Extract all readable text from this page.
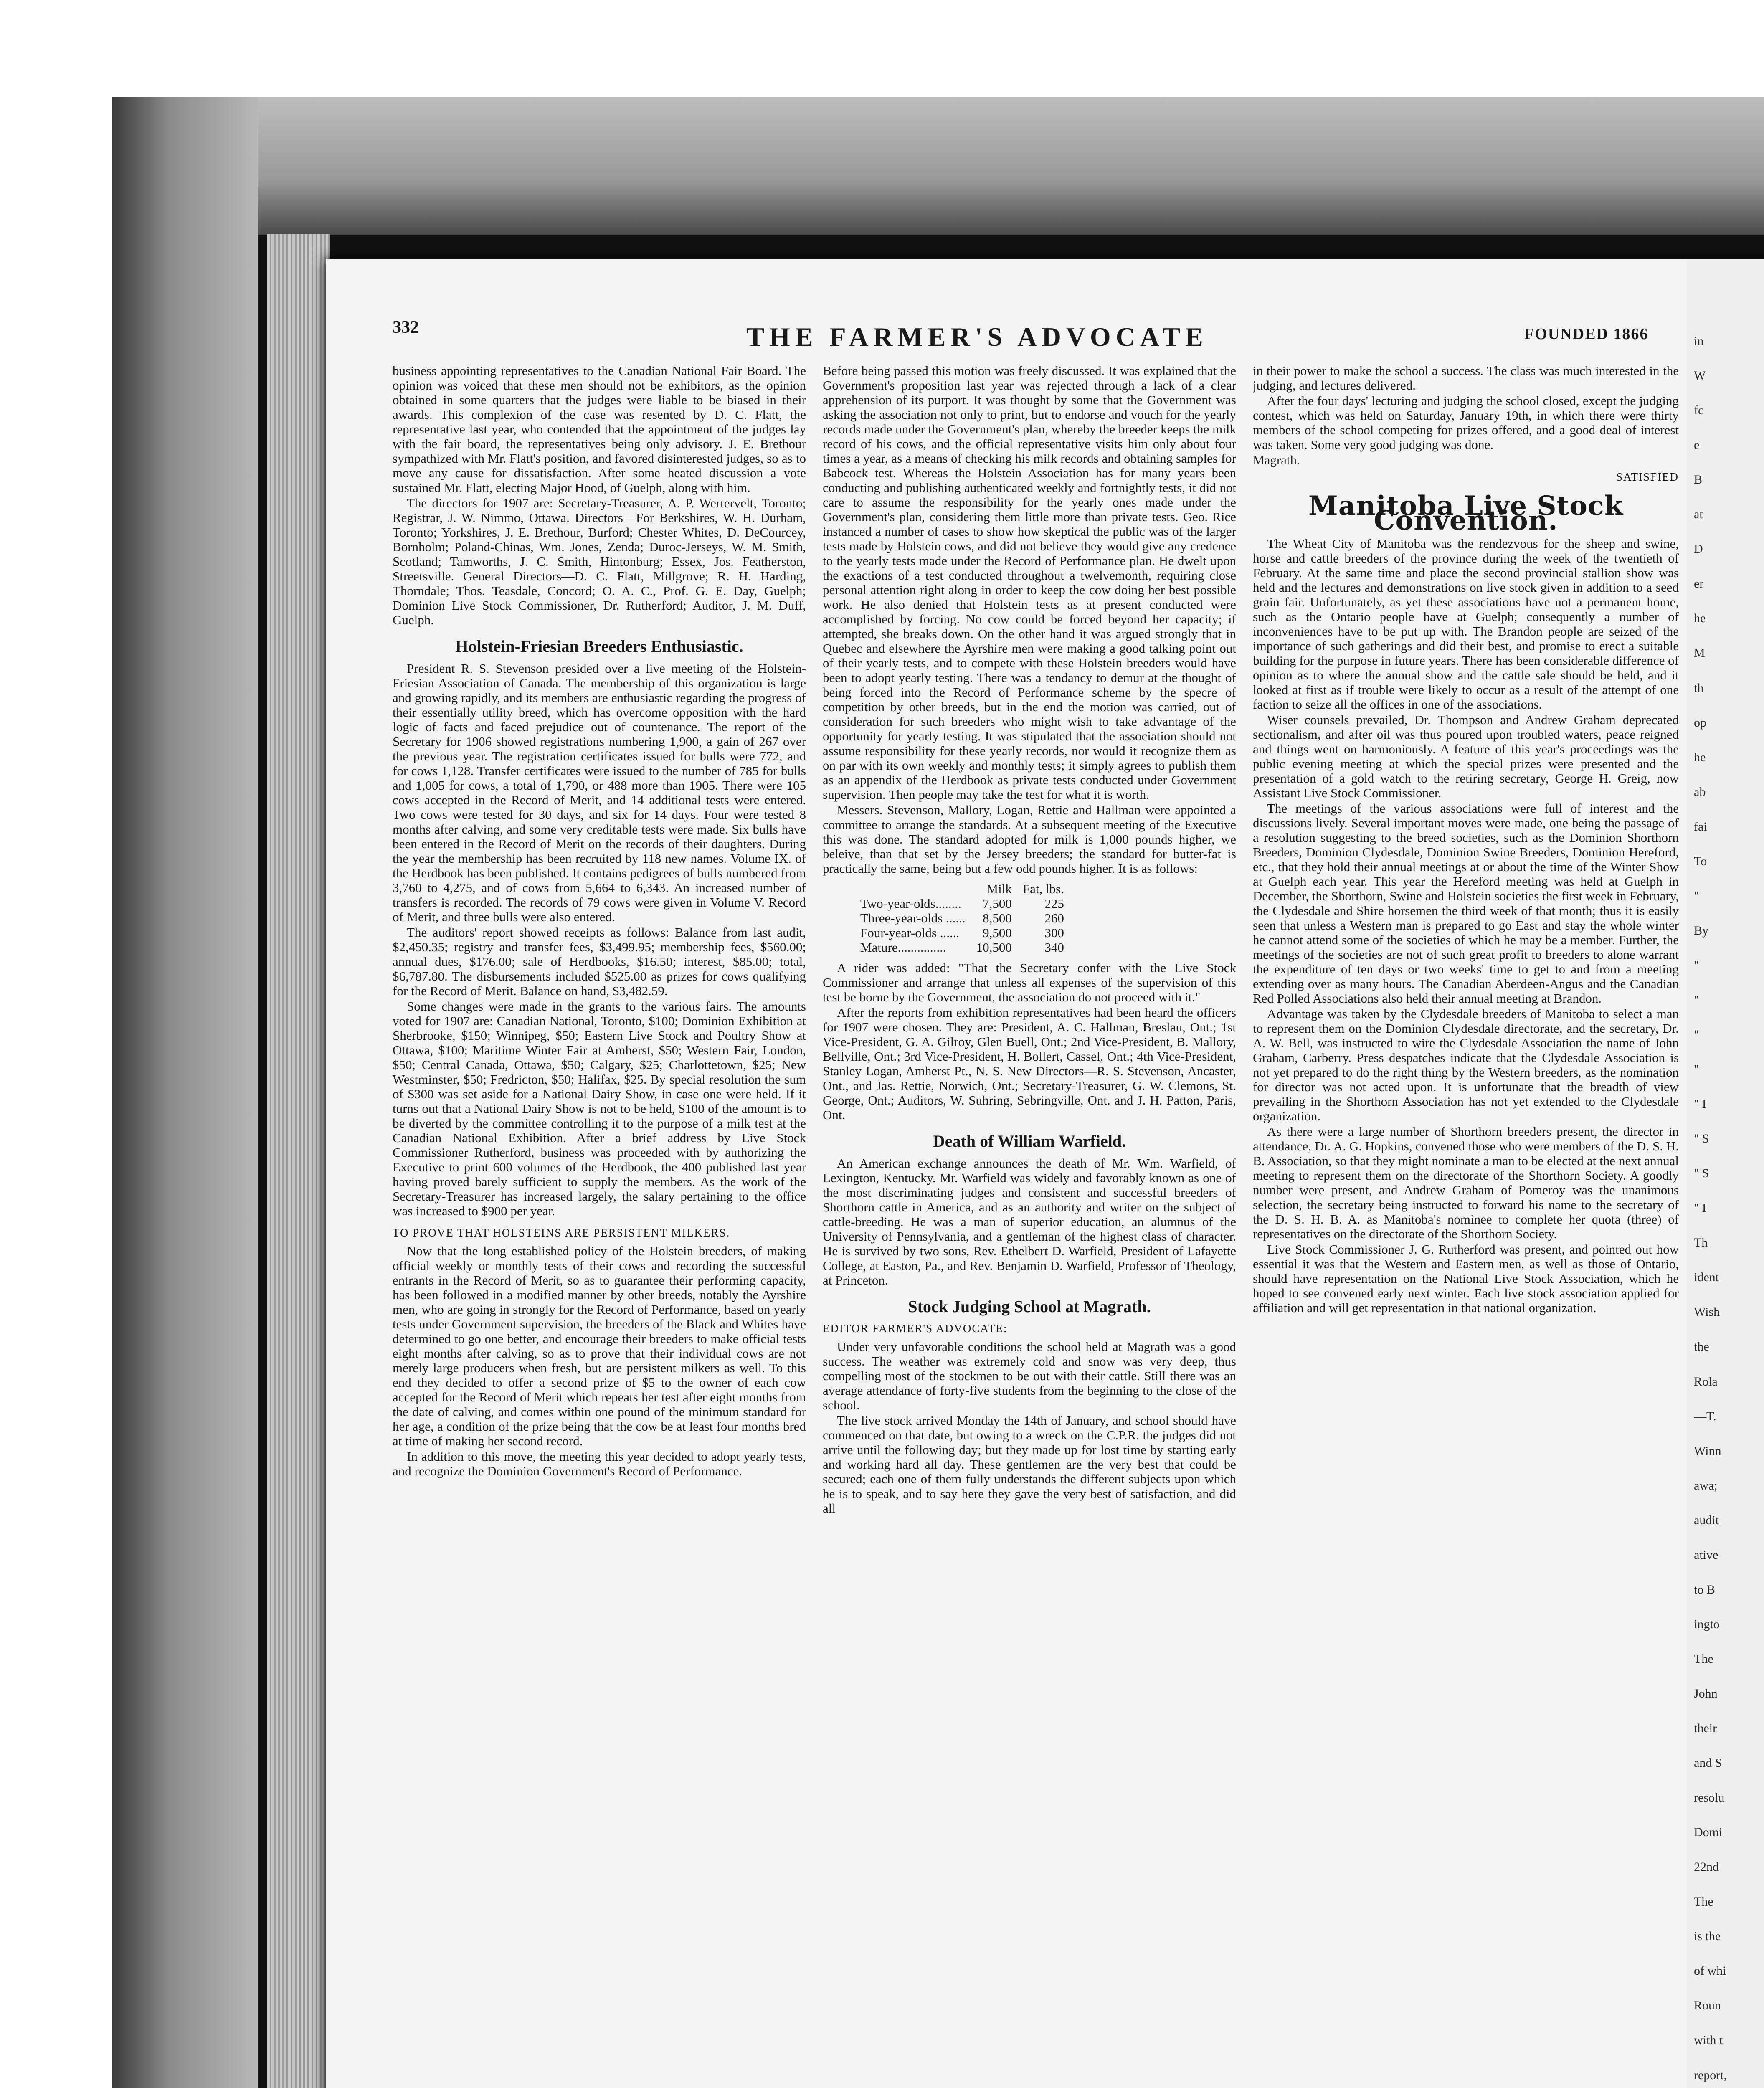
in
W
fc
e
B
at
D
er
he
M
th
op
he
ab
fai
To
"
By
"
"
"
"
" I
" S
" S
" I
Th
ident
Wish
the
Rola
—T.
Winn
awa;
audit
ative
to B
ingto
The
John
their
and S
resolu
Domi
22nd
The
is the
of whi
Roun
with t
report,
332	THE FARMER'S ADVOCATE	FOUNDED 1866

business appointing representatives to the Canadian National Fair Board. The opinion was voiced that these men should not be exhibitors, as the opinion obtained in some quarters that the judges were liable to be biased in their awards. This complexion of the case was resented by D. C. Flatt, the representative last year, who contended that the appointment of the judges lay with the fair board, the representatives being only advisory. J. E. Brethour sympathized with Mr. Flatt's position, and favored disinterested judges, so as to move any cause for dissatisfaction. After some heated discussion a vote sustained Mr. Flatt, electing Major Hood, of Guelph, along with him.

The directors for 1907 are: Secretary-Treasurer, A. P. Wertervelt, Toronto; Registrar, J. W. Nimmo, Ottawa. Directors—For Berkshires, W. H. Durham, Toronto; Yorkshires, J. E. Brethour, Burford; Chester Whites, D. DeCourcey, Bornholm; Poland-Chinas, Wm. Jones, Zenda; Duroc-Jerseys, W. M. Smith, Scotland; Tamworths, J. C. Smith, Hintonburg; Essex, Jos. Featherston, Streetsville. General Directors—D. C. Flatt, Millgrove; R. H. Harding, Thorndale; Thos. Teasdale, Concord; O. A. C., Prof. G. E. Day, Guelph; Dominion Live Stock Commissioner, Dr. Rutherford; Auditor, J. M. Duff, Guelph.

Holstein-Friesian Breeders Enthusiastic.

President R. S. Stevenson presided over a live meeting of the Holstein-Friesian Association of Canada. The membership of this organization is large and growing rapidly, and its members are enthusiastic regarding the progress of their essentially utility breed, which has overcome opposition with the hard logic of facts and faced prejudice out of countenance. The report of the Secretary for 1906 showed registrations numbering 1,900, a gain of 267 over the previous year. The registration certificates issued for bulls were 772, and for cows 1,128. Transfer certificates were issued to the number of 785 for bulls and 1,005 for cows, a total of 1,790, or 488 more than 1905. There were 105 cows accepted in the Record of Merit, and 14 additional tests were entered. Two cows were tested for 30 days, and six for 14 days. Four were tested 8 months after calving, and some very creditable tests were made. Six bulls have been entered in the Record of Merit on the records of their daughters. During the year the membership has been recruited by 118 new names. Volume IX. of the Herdbook has been published. It contains pedigrees of bulls numbered from 3,760 to 4,275, and of cows from 5,664 to 6,343. An increased number of transfers is recorded. The records of 79 cows were given in Volume V. Record of Merit, and three bulls were also entered.

The auditors' report showed receipts as follows: Balance from last audit, $2,450.35; registry and transfer fees, $3,499.95; membership fees, $560.00; annual dues, $176.00; sale of Herdbooks, $16.50; interest, $85.00; total, $6,787.80. The disbursements included $525.00 as prizes for cows qualifying for the Record of Merit. Balance on hand, $3,482.59.

Some changes were made in the grants to the various fairs. The amounts voted for 1907 are: Canadian National, Toronto, $100; Dominion Exhibition at Sherbrooke, $150; Winnipeg, $50; Eastern Live Stock and Poultry Show at Ottawa, $100; Maritime Winter Fair at Amherst, $50; Western Fair, London, $50; Central Canada, Ottawa, $50; Calgary, $25; Charlottetown, $25; New Westminster, $50; Fredricton, $50; Halifax, $25. By special resolution the sum of $300 was set aside for a National Dairy Show, in case one were held. If it turns out that a National Dairy Show is not to be held, $100 of the amount is to be diverted by the committee controlling it to the purpose of a milk test at the Canadian National Exhibition. After a brief address by Live Stock Commissioner Rutherford, business was proceeded with by authorizing the Executive to print 600 volumes of the Herdbook, the 400 published last year having proved barely sufficient to supply the members. As the work of the Secretary-Treasurer has increased largely, the salary pertaining to the office was increased to $900 per year.

TO PROVE THAT HOLSTEINS ARE PERSISTENT MILKERS.

Now that the long established policy of the Holstein breeders, of making official weekly or monthly tests of their cows and recording the successful entrants in the Record of Merit, so as to guarantee their performing capacity, has been followed in a modified manner by other breeds, notably the Ayrshire men, who are going in strongly for the Record of Performance, based on yearly tests under Government supervision, the breeders of the Black and Whites have determined to go one better, and encourage their breeders to make official tests eight months after calving, so as to prove that their individual cows are not merely large producers when fresh, but are persistent milkers as well. To this end they decided to offer a second prize of $5 to the owner of each cow accepted for the Record of Merit which repeats her test after eight months from the date of calving, and comes within one pound of the minimum standard for her age, a condition of the prize being that the cow be at least four months bred at time of making her second record.

In addition to this move, the meeting this year decided to adopt yearly tests, and recognize the Dominion Government's Record of Performance.

Before being passed this motion was freely discussed. It was explained that the Government's proposition last year was rejected through a lack of a clear apprehension of its purport. It was thought by some that the Government was asking the association not only to print, but to endorse and vouch for the yearly records made under the Government's plan, whereby the breeder keeps the milk record of his cows, and the official representative visits him only about four times a year, as a means of checking his milk records and obtaining samples for Babcock test. Whereas the Holstein Association has for many years been conducting and publishing authenticated weekly and fortnightly tests, it did not care to assume the responsibility for the yearly ones made under the Government's plan, considering them little more than private tests. Geo. Rice instanced a number of cases to show how skeptical the public was of the larger tests made by Holstein cows, and did not believe they would give any credence to the yearly tests made under the Record of Performance plan. He dwelt upon the exactions of a test conducted throughout a twelvemonth, requiring close personal attention right along in order to keep the cow doing her best possible work. He also denied that Holstein tests as at present conducted were accomplished by forcing. No cow could be forced beyond her capacity; if attempted, she breaks down. On the other hand it was argued strongly that in Quebec and elsewhere the Ayrshire men were making a good talking point out of their yearly tests, and to compete with these Holstein breeders would have been to adopt yearly testing. There was a tendancy to demur at the thought of being forced into the Record of Performance scheme by the specre of competition by other breeds, but in the end the motion was carried, out of consideration for such breeders who might wish to take advantage of the opportunity for yearly testing. It was stipulated that the association should not assume responsibility for these yearly records, nor would it recognize them as on par with its own weekly and monthly tests; it simply agrees to publish them as an appendix of the Herdbook as private tests conducted under Government supervision. Then people may take the test for what it is worth.

Messers. Stevenson, Mallory, Logan, Rettie and Hallman were appointed a committee to arrange the standards. At a subsequent meeting of the Executive this was done. The standard adopted for milk is 1,000 pounds higher, we beleive, than that set by the Jersey breeders; the standard for butter-fat is practically the same, being but a few odd pounds higher. It is as follows:

	Milk	Fat, lbs.
Two-year-olds........	7,500	225
Three-year-olds ......	8,500	260
Four-year-olds ......	9,500	300
Mature...............	10,500	340

A rider was added: "That the Secretary confer with the Live Stock Commissioner and arrange that unless all expenses of the supervision of this test be borne by the Government, the association do not proceed with it."

After the reports from exhibition representatives had been heard the officers for 1907 were chosen. They are: President, A. C. Hallman, Breslau, Ont.; 1st Vice-President, G. A. Gilroy, Glen Buell, Ont.; 2nd Vice-President, B. Mallory, Bellville, Ont.; 3rd Vice-President, H. Bollert, Cassel, Ont.; 4th Vice-President, Stanley Logan, Amherst Pt., N. S. New Directors—R. S. Stevenson, Ancaster, Ont., and Jas. Rettie, Norwich, Ont.; Secretary-Treasurer, G. W. Clemons, St. George, Ont.; Auditors, W. Suhring, Sebringville, Ont. and J. H. Patton, Paris, Ont.

Death of William Warfield.

An American exchange announces the death of Mr. Wm. Warfield, of Lexington, Kentucky. Mr. Warfield was widely and favorably known as one of the most discriminating judges and consistent and successful breeders of Shorthorn cattle in America, and as an authority and writer on the subject of cattle-breeding. He was a man of superior education, an alumnus of the University of Pennsylvania, and a gentleman of the highest class of character. He is survived by two sons, Rev. Ethelbert D. Warfield, President of Lafayette College, at Easton, Pa., and Rev. Benjamin D. Warfield, Professor of Theology, at Princeton.

Stock Judging School at Magrath.

EDITOR FARMER'S ADVOCATE:

Under very unfavorable conditions the school held at Magrath was a good success. The weather was extremely cold and snow was very deep, thus compelling most of the stockmen to be out with their cattle. Still there was an average attendance of forty-five students from the beginning to the close of the school.

The live stock arrived Monday the 14th of January, and school should have commenced on that date, but owing to a wreck on the C.P.R. the judges did not arrive until the following day; but they made up for lost time by starting early and working hard all day. These gentlemen are the very best that could be secured; each one of them fully understands the different subjects upon which he is to speak, and to say here they gave the very best of satisfaction, and did all

in their power to make the school a success. The class was much interested in the judging, and lectures delivered.

After the four days' lecturing and judging the school closed, except the judging contest, which was held on Saturday, January 19th, in which there were thirty members of the school competing for prizes offered, and a good deal of interest was taken. Some very good judging was done.

Magrath.

SATISFIED

Manitoba Live Stock Convention.

The Wheat City of Manitoba was the rendezvous for the sheep and swine, horse and cattle breeders of the province during the week of the twentieth of February. At the same time and place the second provincial stallion show was held and the lectures and demonstrations on live stock given in addition to a seed grain fair. Unfortunately, as yet these associations have not a permanent home, such as the Ontario people have at Guelph; consequently a number of inconveniences have to be put up with. The Brandon people are seized of the importance of such gatherings and did their best, and promise to erect a suitable building for the purpose in future years. There has been considerable difference of opinion as to where the annual show and the cattle sale should be held, and it looked at first as if trouble were likely to occur as a result of the attempt of one faction to seize all the offices in one of the associations.

Wiser counsels prevailed, Dr. Thompson and Andrew Graham deprecated sectionalism, and after oil was thus poured upon troubled waters, peace reigned and things went on harmoniously. A feature of this year's proceedings was the public evening meeting at which the special prizes were presented and the presentation of a gold watch to the retiring secretary, George H. Greig, now Assistant Live Stock Commissioner.

The meetings of the various associations were full of interest and the discussions lively. Several important moves were made, one being the passage of a resolution suggesting to the breed societies, such as the Dominion Shorthorn Breeders, Dominion Clydesdale, Dominion Swine Breeders, Dominion Hereford, etc., that they hold their annual meetings at or about the time of the Winter Show at Guelph each year. This year the Hereford meeting was held at Guelph in December, the Shorthorn, Swine and Holstein societies the first week in February, the Clydesdale and Shire horsemen the third week of that month; thus it is easily seen that unless a Western man is prepared to go East and stay the whole winter he cannot attend some of the societies of which he may be a member. Further, the meetings of the societies are not of such great profit to breeders to alone warrant the expenditure of ten days or two weeks' time to get to and from a meeting extending over as many hours. The Canadian Aberdeen-Angus and the Canadian Red Polled Associations also held their annual meeting at Brandon.

Advantage was taken by the Clydesdale breeders of Manitoba to select a man to represent them on the Dominion Clydesdale directorate, and the secretary, Dr. A. W. Bell, was instructed to wire the Clydesdale Association the name of John Graham, Carberry. Press despatches indicate that the Clydesdale Association is not yet prepared to do the right thing by the Western breeders, as the nomination for director was not acted upon. It is unfortunate that the breadth of view prevailing in the Shorthorn Association has not yet extended to the Clydesdale organization.

As there were a large number of Shorthorn breeders present, the director in attendance, Dr. A. G. Hopkins, convened those who were members of the D. S. H. B. Association, so that they might nominate a man to be elected at the next annual meeting to represent them on the directorate of the Shorthorn Society. A goodly number were present, and Andrew Graham of Pomeroy was the unanimous selection, the secretary being instructed to forward his name to the secretary of the D. S. H. B. A. as Manitoba's nominee to complete her quota (three) of representatives on the directorate of the Shorthorn Society.

Live Stock Commissioner J. G. Rutherford was present, and pointed out how essential it was that the Western and Eastern men, as well as those of Ontario, should have representation on the National Live Stock Association, which he hoped to see convened early next winter. Each live stock association applied for affiliation and will get representation in that national organization.
